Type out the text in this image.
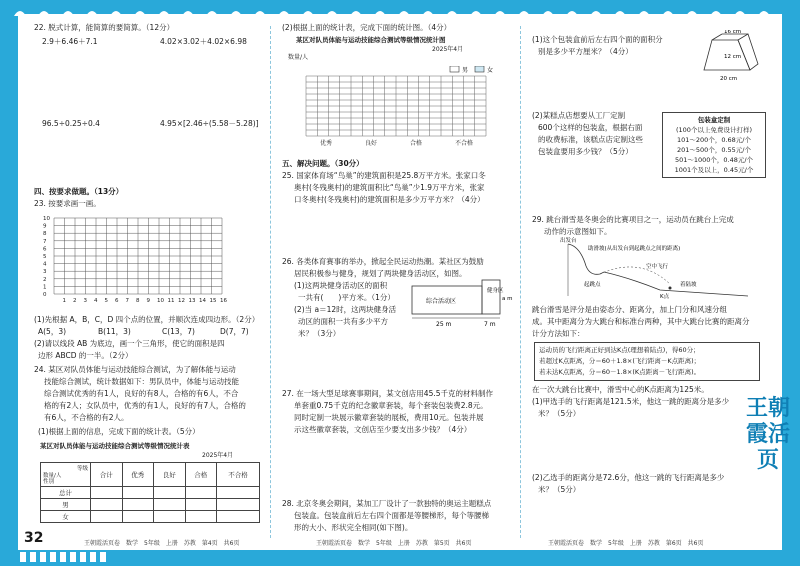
22. 脱式计算，能简算的要简算。（12分）
2.9＋6.46＋7.1	4.02×3.02＋4.02×6.98
96.5÷0.25÷0.4	4.95×[2.46÷(5.58－5.28)]
四、按要求做题。（13分）
23. 按要求画一画。
10
9
8
7
6
5
4
3
2
1
0
1 2 3 4 5 6 7 8 9 10 11 12 13 14 15 16
(1)先根据 A，B，C，D 四个点的位置，并顺次连成四边形。（2分）
A(5，3)	B(11，3)	C(13，7)	D(7，7)
(2)请以线段 AB 为底边，画一个三角形，使它的面积是四
边形 ABCD 的一半。（2分）
24. 某区对队员体能与运动技能综合测试，为了解体能与运动
技能综合测试，统计数据如下：男队员中，体能与运动技能
综合测试优秀的有1人，良好的有8人，合格的有6人，不合
格的有2人；女队员中，优秀的有1人，良好的有7人，合格的
有6人，不合格的有2人。
(1)根据上面的信息，完成下面的统计表。（5分）
某区对队员体能与运动技能综合测试等级情况统计表
2025年4月
等级
数量/人
性别	合计	优秀	良好	合格	不合格
总计					
男					
女					
(2)根据上面的统计表，完成下面的统计图。（4分）
某区对队员体能与运动技能综合测试等级情况统计图
2025年4月
数量/人
男	女
优秀	良好	合格	不合格
五、解决问题。（30分）
25. 国家体育场“鸟巢”的建筑面积是25.8万平方米。张家口冬
奥村(冬残奥村)的建筑面积比“鸟巢”少1.9万平方米，张家
口冬奥村(冬残奥村)的建筑面积是多少万平方米？（4分）
26. 各类体育赛事的举办，掀起全民运动热潮。某社区为鼓励
居民积极参与健身，规划了两块健身活动区，如图。
(1)这两块健身活动区的面积
一共有(　　)平方米。（1分）
(2)当 a＝12时，这两块健身活
动区的面积一共有多少平方
米？（3分）
27. 在一场大型足球赛事期间，某文创店用45.5千克的材料制作
单套重0.75千克的纪念徽章套装，每个套装包装费2.8元。
同时定制一块展示徽章套装的展板，费用10元。包装并展
示这些徽章套装，文创店至少要支出多少钱？（4分）
28. 北京冬奥会期间，某加工厂设计了一款独特的奥运主题糕点
包装盒。包装盒前后左右四个面都是等腰梯形，每个等腰梯
形的大小、形状完全相同(如下图)。
综合活动区
健身区
a m
25 m	7 m
(1)这个包装盒前后左右四个面的面积分
别是多少平方厘米？（4分）
(2)某糕点店想要从工厂定制
600个这样的包装盒，根据右面
的收费标准，该糕点店定制这些
包装盒要用多少钱？（5分）
29. 跳台滑雪是冬奥会的比赛项目之一，运动员在跳台上完成
动作的示意图如下。
跳台滑雪是评分是由姿态分、距离分，加上门分和风速分组
成。其中距离分为大跳台和标准台两种，其中大跳台比赛的距离分
计分方法如下：
在一次大跳台比赛中，滑雪中心的K点距离为125米。
(1)甲选手的飞行距离是121.5米，他这一跳的距离分是多少
米？（5分）
(2)乙选手的距离分是72.6分，他这一跳的飞行距离是多少
米？（5分）
16 cm
12 cm
20 cm
包装盒定制
(100个以上免费设计打样)
101～200个，0.68元/个
201～500个，0.55元/个
501～1000个，0.48元/个
1001个及以上，0.45元/个
出发台
助滑坡(从出发台到起跳点之间的距离)
起跳点
空中飞行
着陆坡
K点
运动员的飞行距离正好到达K点(理想着陆点)，得60分；
若超过K点距离，分＝60＋1.8×(飞行距离－K点距离)；
若未达K点距离，分＝60－1.8×(K点距离－飞行距离)。
王朝霞活页
32	王朝霞活页卷　数学　5年级　上册　苏教　第4页　共6页	王朝霞活页卷　数学　5年级　上册　苏教　第5页　共6页	王朝霞活页卷　数学　5年级　上册　苏教　第6页　共6页
